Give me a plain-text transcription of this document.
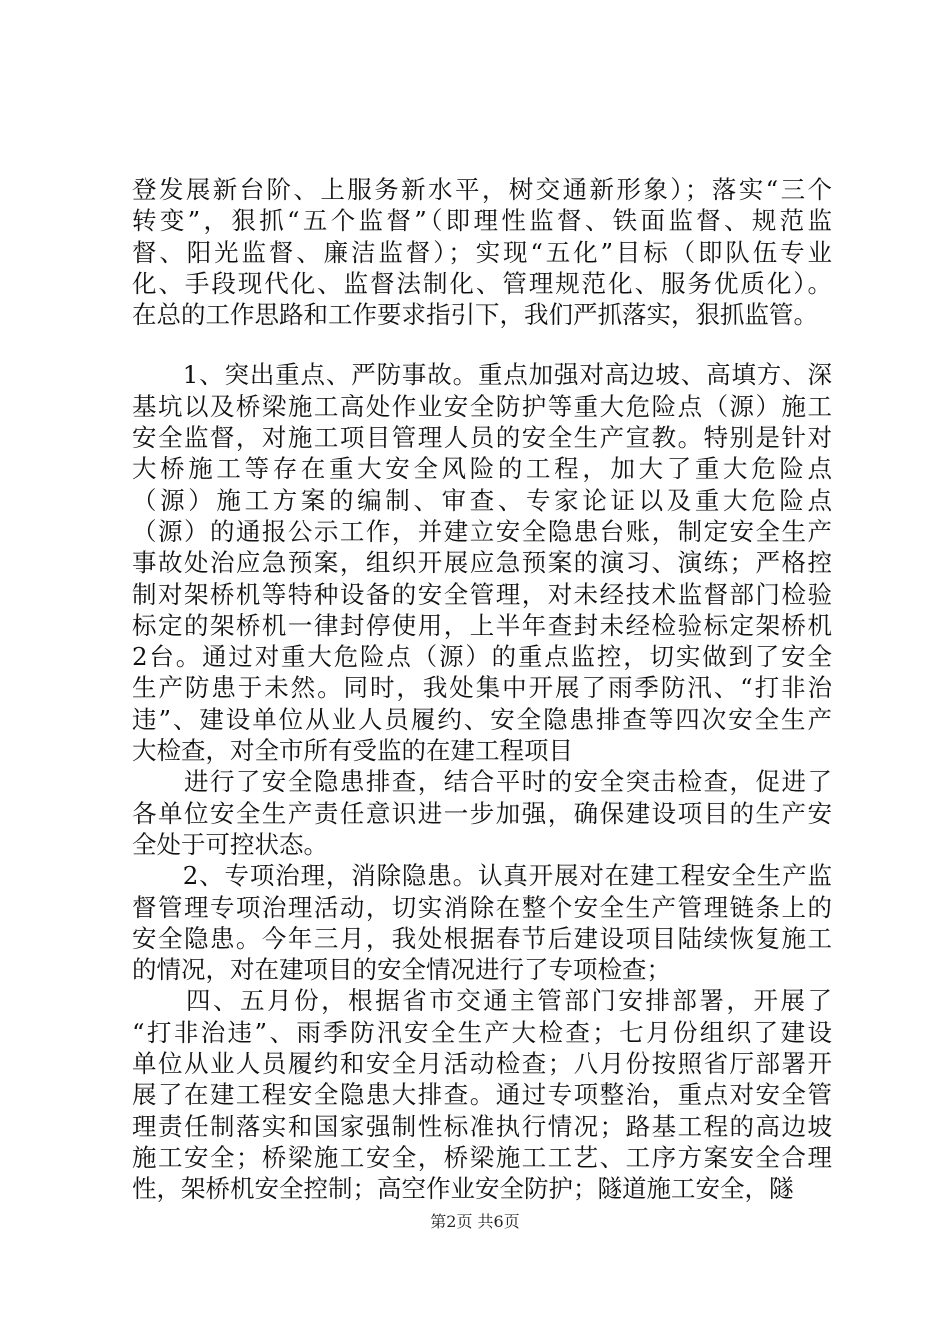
登发展新台阶、上服务新水平，树交通新形象）；落实“三个
转变”，狠抓“五个监督”（即理性监督、铁面监督、规范监
督、阳光监督、廉洁监督）；实现“五化”目标（即队伍专业
化、手段现代化、监督法制化、管理规范化、服务优质化）。
在总的工作思路和工作要求指引下，我们严抓落实，狠抓监管。
　　1、突出重点、严防事故。重点加强对高边坡、高填方、深
基坑以及桥梁施工高处作业安全防护等重大危险点（源）施工
安全监督，对施工项目管理人员的安全生产宣教。特别是针对
大桥施工等存在重大安全风险的工程，加大了重大危险点
（源）施工方案的编制、审查、专家论证以及重大危险点
（源）的通报公示工作，并建立安全隐患台账，制定安全生产
事故处治应急预案，组织开展应急预案的演习、演练；严格控
制对架桥机等特种设备的安全管理，对未经技术监督部门检验
标定的架桥机一律封停使用，上半年查封未经检验标定架桥机
2台。通过对重大危险点（源）的重点监控，切实做到了安全
生产防患于未然。同时，我处集中开展了雨季防汛、“打非治
违”、建设单位从业人员履约、安全隐患排查等四次安全生产
大检查，对全市所有受监的在建工程项目
　　进行了安全隐患排查，结合平时的安全突击检查，促进了
各单位安全生产责任意识进一步加强，确保建设项目的生产安
全处于可控状态。
　　2、专项治理，消除隐患。认真开展对在建工程安全生产监
督管理专项治理活动，切实消除在整个安全生产管理链条上的
安全隐患。今年三月，我处根据春节后建设项目陆续恢复施工
的情况，对在建项目的安全情况进行了专项检查；
　　四、五月份，根据省市交通主管部门安排部署，开展了
“打非治违”、雨季防汛安全生产大检查；七月份组织了建设
单位从业人员履约和安全月活动检查；八月份按照省厅部署开
展了在建工程安全隐患大排查。通过专项整治，重点对安全管
理责任制落实和国家强制性标准执行情况；路基工程的高边坡
施工安全；桥梁施工安全，桥梁施工工艺、工序方案安全合理
性，架桥机安全控制；高空作业安全防护；隧道施工安全，隧
第2页 共6页
